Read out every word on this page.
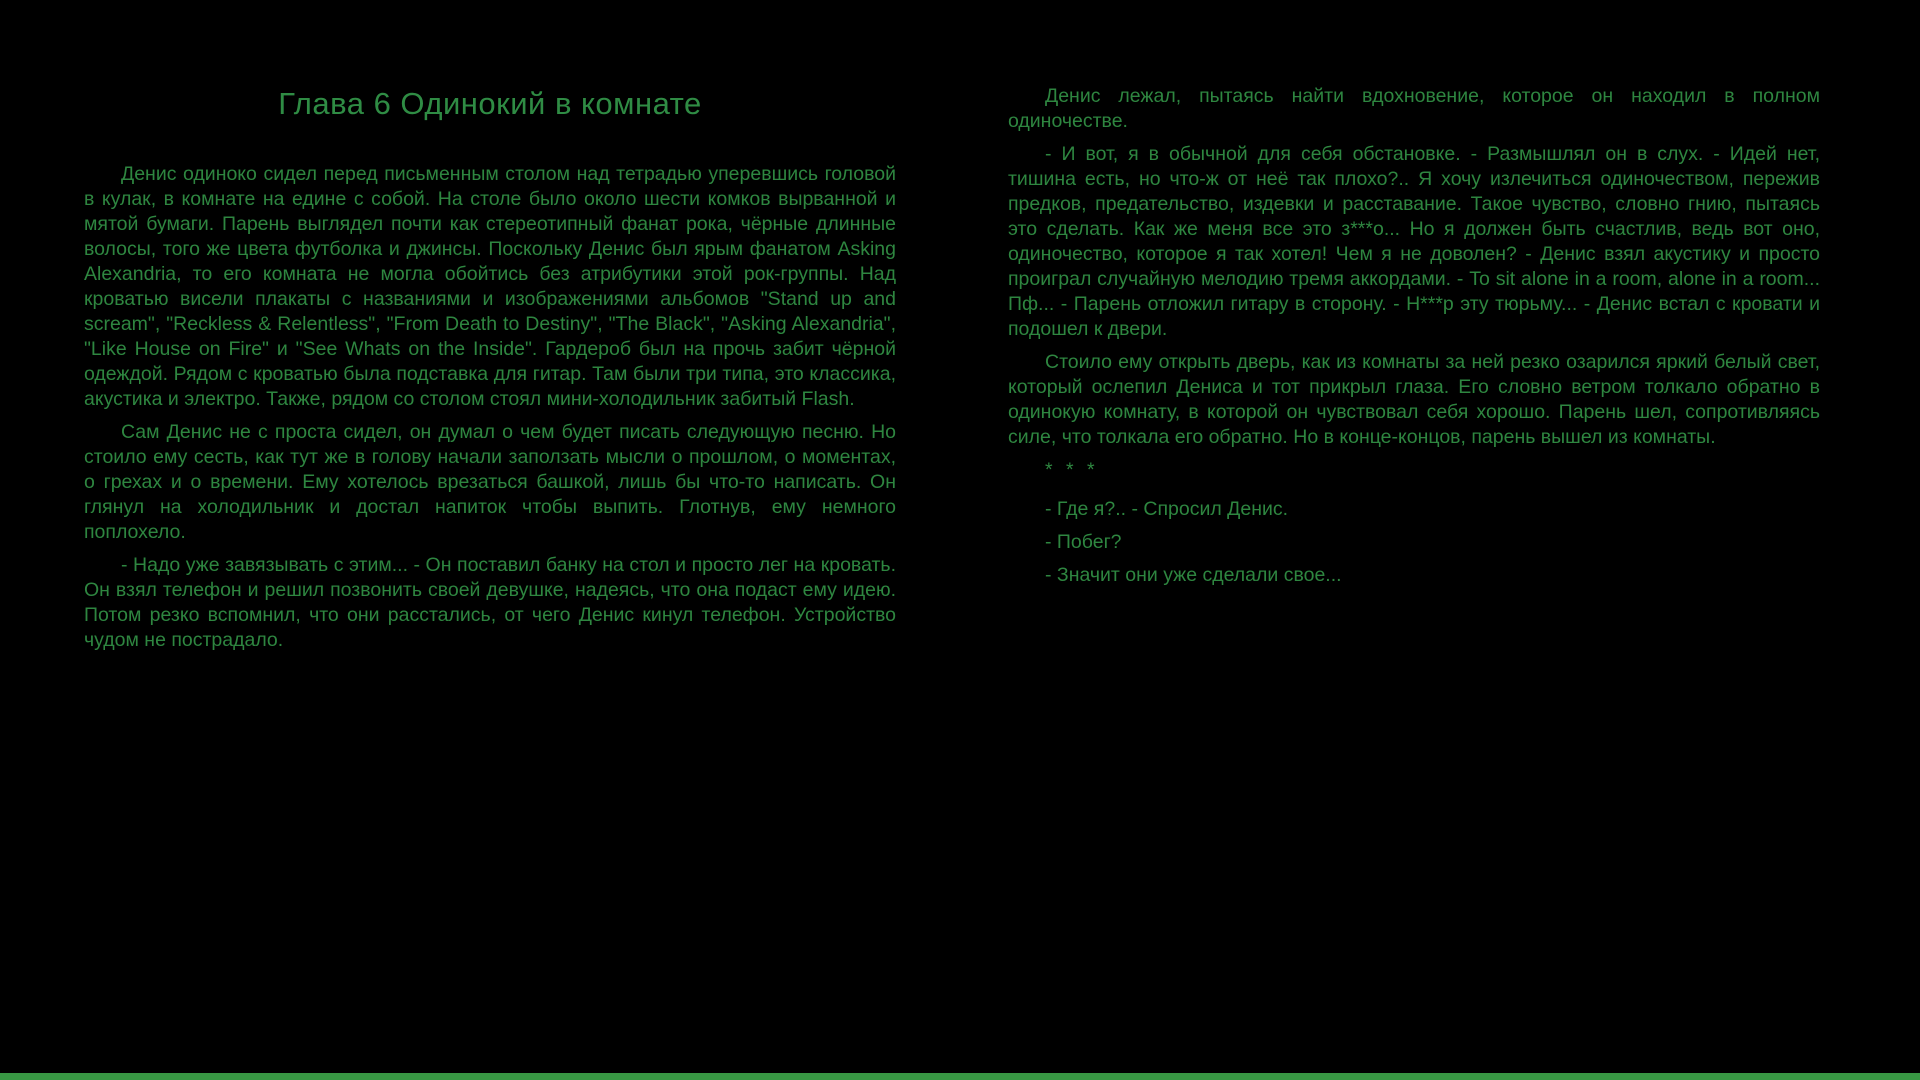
Глава 6 Одинокий в комнате

Денис одиноко сидел перед письменным столом над тетрадью уперевшись головой в кулак, в комнате на едине с собой. На столе было около шести комков вырванной и мятой бумаги. Парень выглядел почти как стереотипный фанат рока, чёрные длинные волосы, того же цвета футболка и джинсы. Поскольку Денис был ярым фанатом Asking Alexandria, то его комната не могла обойтись без атрибутики этой рок-группы. Над кроватью висели плакаты с названиями и изображениями альбомов "Stand up and scream", "Reckless & Relentless", "From Death to Destiny", "The Black", "Asking Alexandria", "Like House on Fire" и "See Whats on the Inside". Гардероб был на прочь забит чёрной одеждой. Рядом с кроватью была подставка для гитар. Там были три типа, это классика, акустика и электро. Также, рядом со столом стоял мини-холодильник забитый Flash.

Сам Денис не с проста сидел, он думал о чем будет писать следующую песню. Но стоило ему сесть, как тут же в голову начали заползать мысли о прошлом, о моментах, о грехах и о времени. Ему хотелось врезаться башкой, лишь бы что-то написать. Он глянул на холодильник и достал напиток чтобы выпить. Глотнув, ему немного поплохело.

- Надо уже завязывать с этим... - Он поставил банку на стол и просто лег на кровать. Он взял телефон и решил позвонить своей девушке, надеясь, что она подаст ему идею. Потом резко вспомнил, что они расстались, от чего Денис кинул телефон. Устройство чудом не пострадало.

Денис лежал, пытаясь найти вдохновение, которое он находил в полном одиночестве.

- И вот, я в обычной для себя обстановке. - Размышлял он в слух. - Идей нет, тишина есть, но что-ж от неё так плохо?.. Я хочу излечиться одиночеством, пережив предков, предательство, издевки и расставание. Такое чувство, словно гнию, пытаясь это сделать. Как же меня все это з***о... Но я должен быть счастлив, ведь вот оно, одиночество, которое я так хотел! Чем я не доволен? - Денис взял акустику и просто проиграл случайную мелодию тремя аккордами. - To sit alone in a room, alone in a room... Пф... - Парень отложил гитару в сторону. - Н***р эту тюрьму... - Денис встал с кровати и подошел к двери.

Стоило ему открыть дверь, как из комнаты за ней резко озарился яркий белый свет, который ослепил Дениса и тот прикрыл глаза. Его словно ветром толкало обратно в одинокую комнату, в которой он чувствовал себя хорошо. Парень шел, сопротивляясь силе, что толкала его обратно. Но в конце-концов, парень вышел из комнаты.

* * *

- Где я?.. - Спросил Денис.

- Побег?

- Значит они уже сделали свое...
